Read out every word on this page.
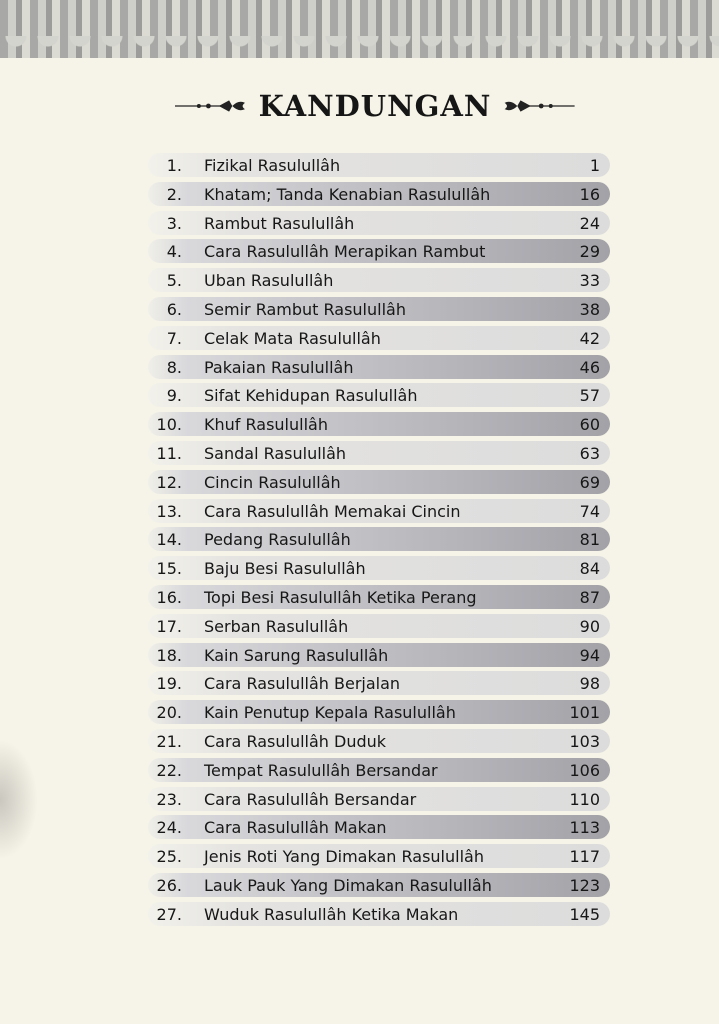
KANDUNGAN
1. Fizikal Rasulullâh	1
2. Khatam; Tanda Kenabian Rasulullâh	16
3. Rambut Rasulullâh	24
4. Cara Rasulullâh Merapikan Rambut	29
5. Uban Rasulullâh	33
6. Semir Rambut Rasulullâh	38
7. Celak Mata Rasulullâh	42
8. Pakaian Rasulullâh	46
9. Sifat Kehidupan Rasulullâh	57
10. Khuf Rasulullâh	60
11. Sandal Rasulullâh	63
12. Cincin Rasulullâh	69
13. Cara Rasulullâh Memakai Cincin	74
14. Pedang Rasulullâh	81
15. Baju Besi Rasulullâh	84
16. Topi Besi Rasulullâh Ketika Perang	87
17. Serban Rasulullâh	90
18. Kain Sarung Rasulullâh	94
19. Cara Rasulullâh Berjalan	98
20. Kain Penutup Kepala Rasulullâh	101
21. Cara Rasulullâh Duduk	103
22. Tempat Rasulullâh Bersandar	106
23. Cara Rasulullâh Bersandar	110
24. Cara Rasulullâh Makan	113
25. Jenis Roti Yang Dimakan Rasulullâh	117
26. Lauk Pauk Yang Dimakan Rasulullâh	123
27. Wuduk Rasulullâh Ketika Makan	145
